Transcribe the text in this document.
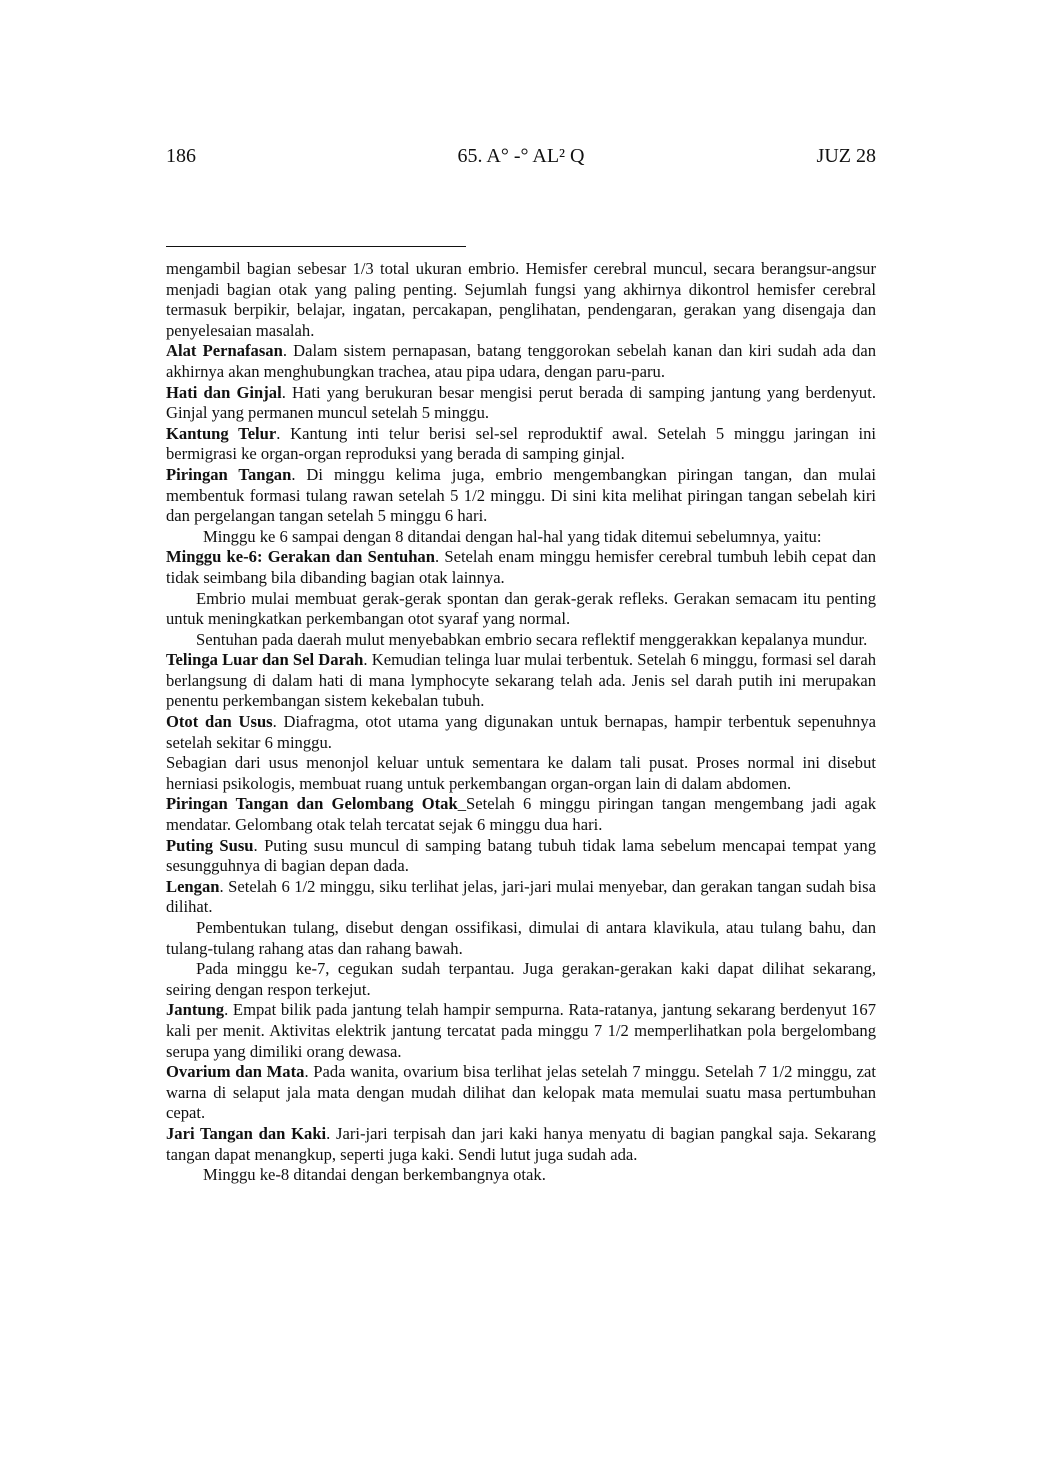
65. A° -° AL² Q
186	JUZ 28

mengambil bagian sebesar 1/3 total ukuran embrio. Hemisfer cerebral muncul, secara berangsur-angsur menjadi bagian otak yang paling penting. Sejumlah fungsi yang akhirnya dikontrol hemisfer cerebral termasuk berpikir, belajar, ingatan, percakapan, penglihatan, pendengaran, gerakan yang disengaja dan penyelesaian masalah.

Alat Pernafasan. Dalam sistem pernapasan, batang tenggorokan sebelah kanan dan kiri sudah ada dan akhirnya akan menghubungkan trachea, atau pipa udara, dengan paru-paru.

Hati dan Ginjal. Hati yang berukuran besar mengisi perut berada di samping jantung yang berdenyut. Ginjal yang permanen muncul setelah 5 minggu.

Kantung Telur. Kantung inti telur berisi sel-sel reproduktif awal. Setelah 5 minggu jaringan ini bermigrasi ke organ-organ reproduksi yang berada di samping ginjal.

Piringan Tangan. Di minggu kelima juga, embrio mengembangkan piringan tangan, dan mulai membentuk formasi tulang rawan setelah 5 1/2 minggu. Di sini kita melihat piringan tangan sebelah kiri dan pergelangan tangan setelah 5 minggu 6 hari.

Minggu ke 6 sampai dengan 8 ditandai dengan hal-hal yang tidak ditemui sebelumnya, yaitu:

Minggu ke-6: Gerakan dan Sentuhan. Setelah enam minggu hemisfer cerebral tumbuh lebih cepat dan tidak seimbang bila dibanding bagian otak lainnya.

Embrio mulai membuat gerak-gerak spontan dan gerak-gerak refleks. Gerakan semacam itu penting untuk meningkatkan perkembangan otot syaraf yang normal.

Sentuhan pada daerah mulut menyebabkan embrio secara reflektif menggerakkan kepalanya mundur.

Telinga Luar dan Sel Darah. Kemudian telinga luar mulai terbentuk. Setelah 6 minggu, formasi sel darah berlangsung di dalam hati di mana lymphocyte sekarang telah ada. Jenis sel darah putih ini merupakan penentu perkembangan sistem kekebalan tubuh.

Otot dan Usus. Diafragma, otot utama yang digunakan untuk bernapas, hampir terbentuk sepenuhnya setelah sekitar 6 minggu.

Sebagian dari usus menonjol keluar untuk sementara ke dalam tali pusat. Proses normal ini disebut herniasi psikologis, membuat ruang untuk perkembangan organ-organ lain di dalam abdomen.

Piringan Tangan dan Gelombang Otak_Setelah 6 minggu piringan tangan mengembang jadi agak mendatar. Gelombang otak telah tercatat sejak 6 minggu dua hari.

Puting Susu. Puting susu muncul di samping batang tubuh tidak lama sebelum mencapai tempat yang sesungguhnya di bagian depan dada.

Lengan. Setelah 6 1/2 minggu, siku terlihat jelas, jari-jari mulai menyebar, dan gerakan tangan sudah bisa dilihat.

Pembentukan tulang, disebut dengan ossifikasi, dimulai di antara klavikula, atau tulang bahu, dan tulang-tulang rahang atas dan rahang bawah.

Pada minggu ke-7, cegukan sudah terpantau. Juga gerakan-gerakan kaki dapat dilihat sekarang, seiring dengan respon terkejut.

Jantung. Empat bilik pada jantung telah hampir sempurna. Rata-ratanya, jantung sekarang berdenyut 167 kali per menit. Aktivitas elektrik jantung tercatat pada minggu 7 1/2 memperlihatkan pola bergelombang serupa yang dimiliki orang dewasa.

Ovarium dan Mata. Pada wanita, ovarium bisa terlihat jelas setelah 7 minggu. Setelah 7 1/2 minggu, zat warna di selaput jala mata dengan mudah dilihat dan kelopak mata memulai suatu masa pertumbuhan cepat.

Jari Tangan dan Kaki. Jari-jari terpisah dan jari kaki hanya menyatu di bagian pangkal saja. Sekarang tangan dapat menangkup, seperti juga kaki. Sendi lutut juga sudah ada.

Minggu ke-8 ditandai dengan berkembangnya otak.
